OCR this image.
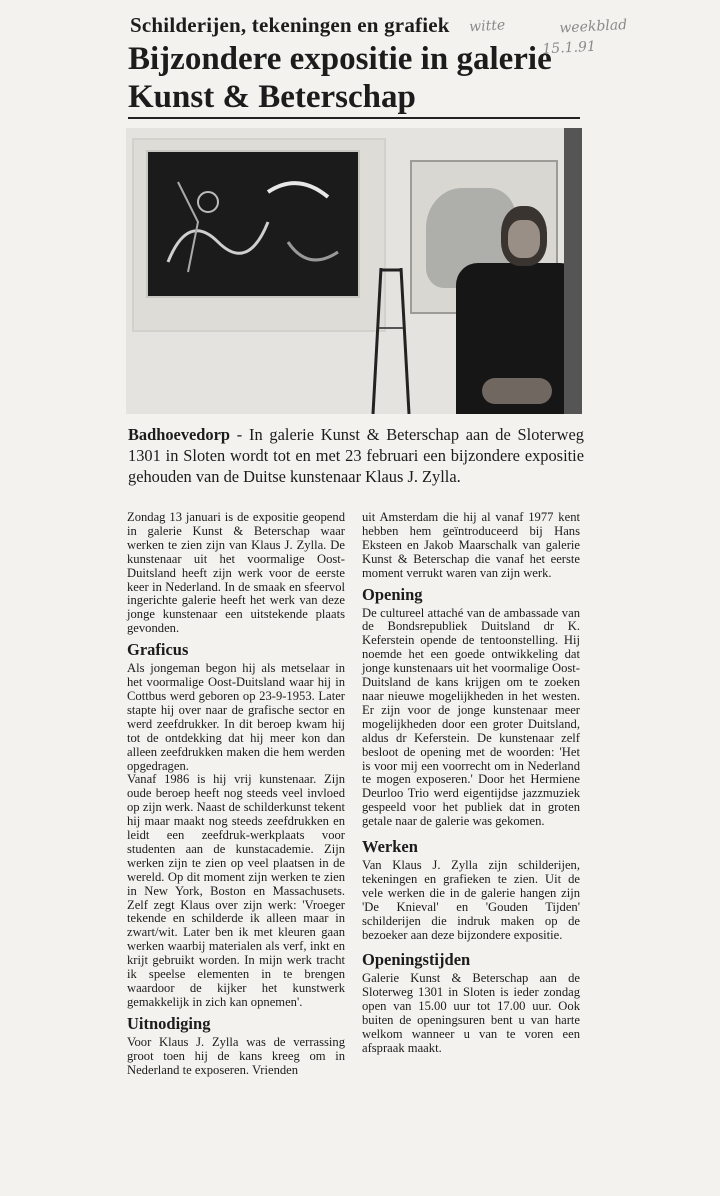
Schilderijen, tekeningen en grafiek
Bijzondere expositie in galerie Kunst & Beterschap
witte	weekblad
15.1.91
Badhoevedorp - In galerie Kunst & Beterschap aan de Sloterweg 1301 in Sloten wordt tot en met 23 februari een bijzondere expositie gehouden van de Duitse kunstenaar Klaus J. Zylla.

Zondag 13 januari is de expositie geopend in galerie Kunst & Beterschap waar werken te zien zijn van Klaus J. Zylla. De kunstenaar uit het voormalige Oost-Duitsland heeft zijn werk voor de eerste keer in Nederland. In de smaak en sfeervol ingerichte galerie heeft het werk van deze jonge kunstenaar een uitstekende plaats gevonden.

Graficus

Als jongeman begon hij als metselaar in het voormalige Oost-Duitsland waar hij in Cottbus werd geboren op 23-9-1953. Later stapte hij over naar de grafische sector en werd zeefdrukker. In dit beroep kwam hij tot de ontdekking dat hij meer kon dan alleen zeefdrukken maken die hem werden opgedragen.

Vanaf 1986 is hij vrij kunstenaar. Zijn oude beroep heeft nog steeds veel invloed op zijn werk. Naast de schilderkunst tekent hij maar maakt nog steeds zeefdrukken en leidt een zeefdruk-werkplaats voor studenten aan de kunstacademie. Zijn werken zijn te zien op veel plaatsen in de wereld. Op dit moment zijn werken te zien in New York, Boston en Massachusets. Zelf zegt Klaus over zijn werk: 'Vroeger tekende en schilderde ik alleen maar in zwart/wit. Later ben ik met kleuren gaan werken waarbij materialen als verf, inkt en krijt gebruikt worden. In mijn werk tracht ik speelse elementen in te brengen waardoor de kijker het kunstwerk gemakkelijk in zich kan opnemen'.

Uitnodiging

Voor Klaus J. Zylla was de verrassing groot toen hij de kans kreeg om in Nederland te exposeren. Vrienden

uit Amsterdam die hij al vanaf 1977 kent hebben hem geïntroduceerd bij Hans Eksteen en Jakob Maarschalk van galerie Kunst & Beterschap die vanaf het eerste moment verrukt waren van zijn werk.

Opening

De cultureel attaché van de ambassade van de Bondsrepubliek Duitsland dr K. Keferstein opende de tentoonstelling. Hij noemde het een goede ontwikkeling dat jonge kunstenaars uit het voormalige Oost-Duitsland de kans krijgen om te zoeken naar nieuwe mogelijkheden in het westen. Er zijn voor de jonge kunstenaar meer mogelijkheden door een groter Duitsland, aldus dr Keferstein. De kunstenaar zelf besloot de opening met de woorden: 'Het is voor mij een voorrecht om in Nederland te mogen exposeren.' Door het Hermiene Deurloo Trio werd eigentijdse jazzmuziek gespeeld voor het publiek dat in groten getale naar de galerie was gekomen.

Werken

Van Klaus J. Zylla zijn schilderijen, tekeningen en grafieken te zien. Uit de vele werken die in de galerie hangen zijn 'De Knieval' en 'Gouden Tijden' schilderijen die indruk maken op de bezoeker aan deze bijzondere expositie.

Openingstijden

Galerie Kunst & Beterschap aan de Sloterweg 1301 in Sloten is ieder zondag open van 15.00 uur tot 17.00 uur. Ook buiten de openingsuren bent u van harte welkom wanneer u van te voren een afspraak maakt.
